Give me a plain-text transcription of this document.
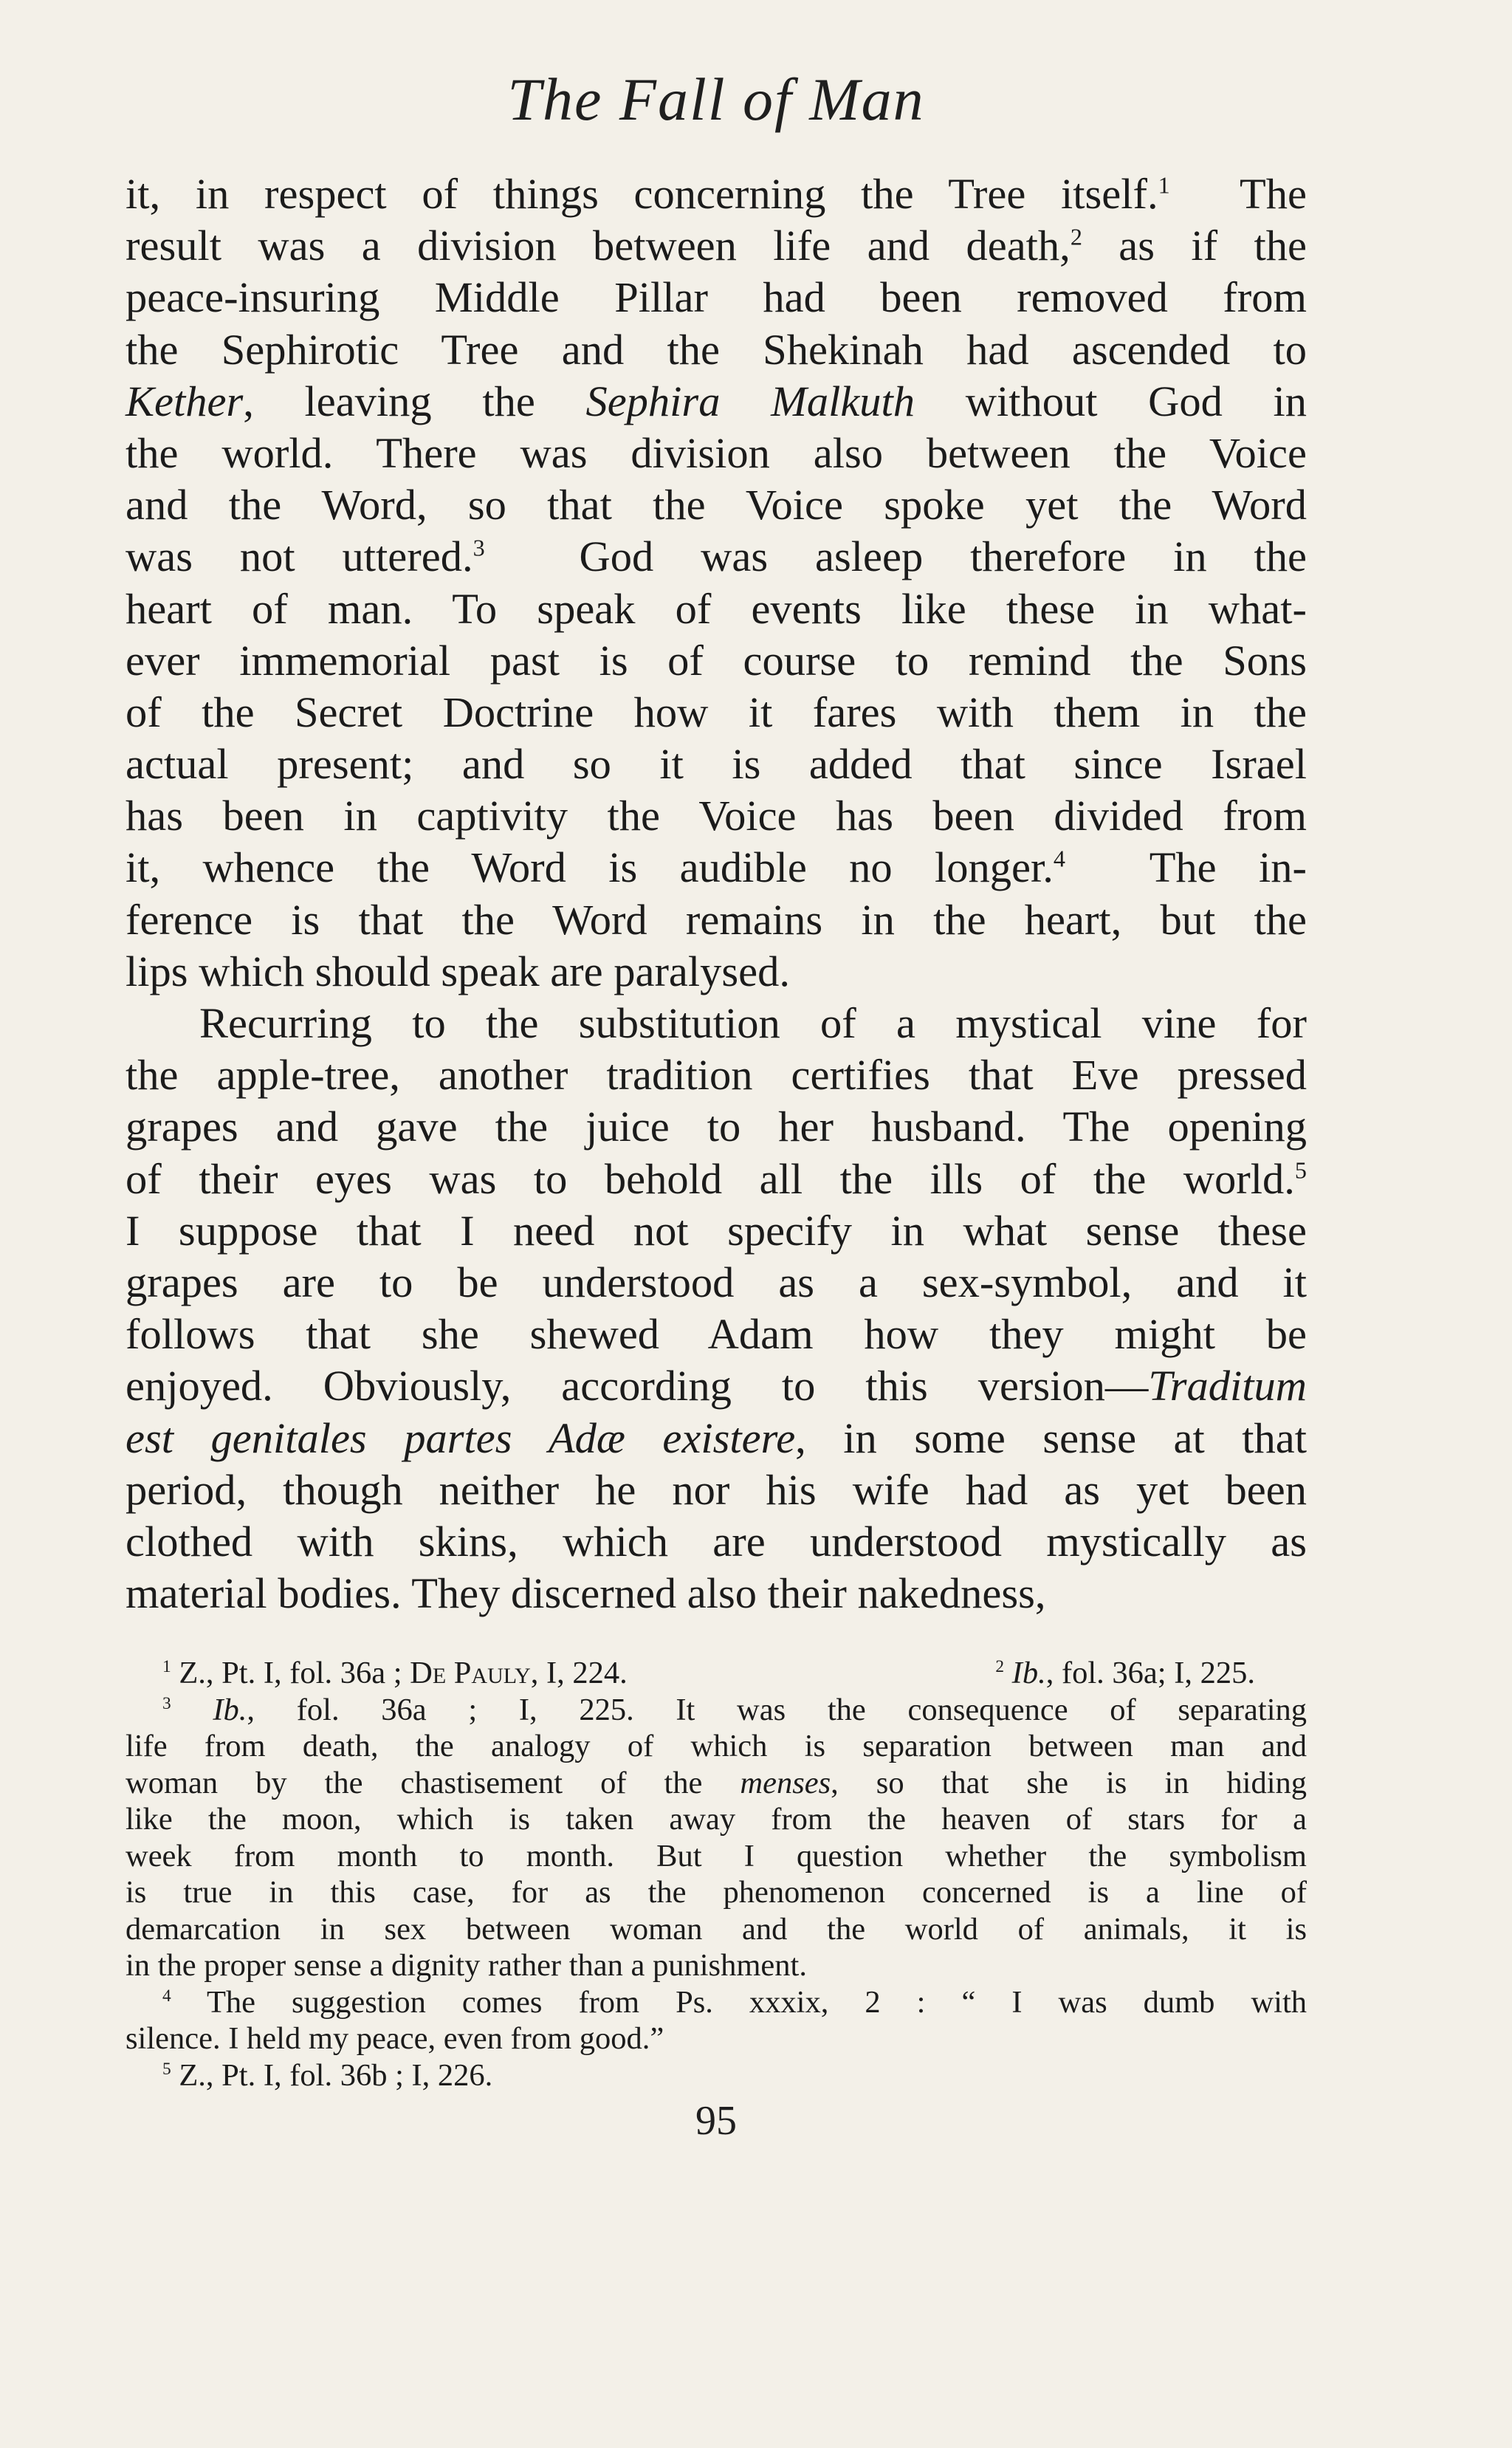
The Fall of Man
it, in respect of things concerning the Tree itself.$^1$ The
result was a division between life and death,$^2$ as if the
peace-insuring Middle Pillar had been removed from
the Sephirotic Tree and the Shekinah had ascended to
Kether, leaving the Sephira Malkuth without God in
the world. There was division also between the Voice
and the Word, so that the Voice spoke yet the Word
was not uttered.$^3$ God was asleep therefore in the
heart of man. To speak of events like these in what-
ever immemorial past is of course to remind the Sons
of the Secret Doctrine how it fares with them in the
actual present; and so it is added that since Israel
has been in captivity the Voice has been divided from
it, whence the Word is audible no longer.$^4$ The in-
ference is that the Word remains in the heart, but the
lips which should speak are paralysed.
Recurring to the substitution of a mystical vine for
the apple-tree, another tradition certifies that Eve pressed
grapes and gave the juice to her husband. The opening
of their eyes was to behold all the ills of the world.$^5$
I suppose that I need not specify in what sense these
grapes are to be understood as a sex-symbol, and it
follows that she shewed Adam how they might be
enjoyed. Obviously, according to this version—Traditum
est genitales partes Adæ existere, in some sense at that
period, though neither he nor his wife had as yet been
clothed with skins, which are understood mystically as
material bodies. They discerned also their nakedness,
$^1$ Z., Pt. I, fol. 36a ; De Pauly, I, 224.	$^2$ Ib., fol. 36a; I, 225.
$^3$ Ib., fol. 36a ; I, 225. It was the consequence of separating
life from death, the analogy of which is separation between man and
woman by the chastisement of the menses, so that she is in hiding
like the moon, which is taken away from the heaven of stars for a
week from month to month. But I question whether the symbolism
is true in this case, for as the phenomenon concerned is a line of
demarcation in sex between woman and the world of animals, it is
in the proper sense a dignity rather than a punishment.
$^4$ The suggestion comes from Ps. xxxix, 2 : “ I was dumb with
silence. I held my peace, even from good.”
$^5$ Z., Pt. I, fol. 36b ; I, 226.
95
